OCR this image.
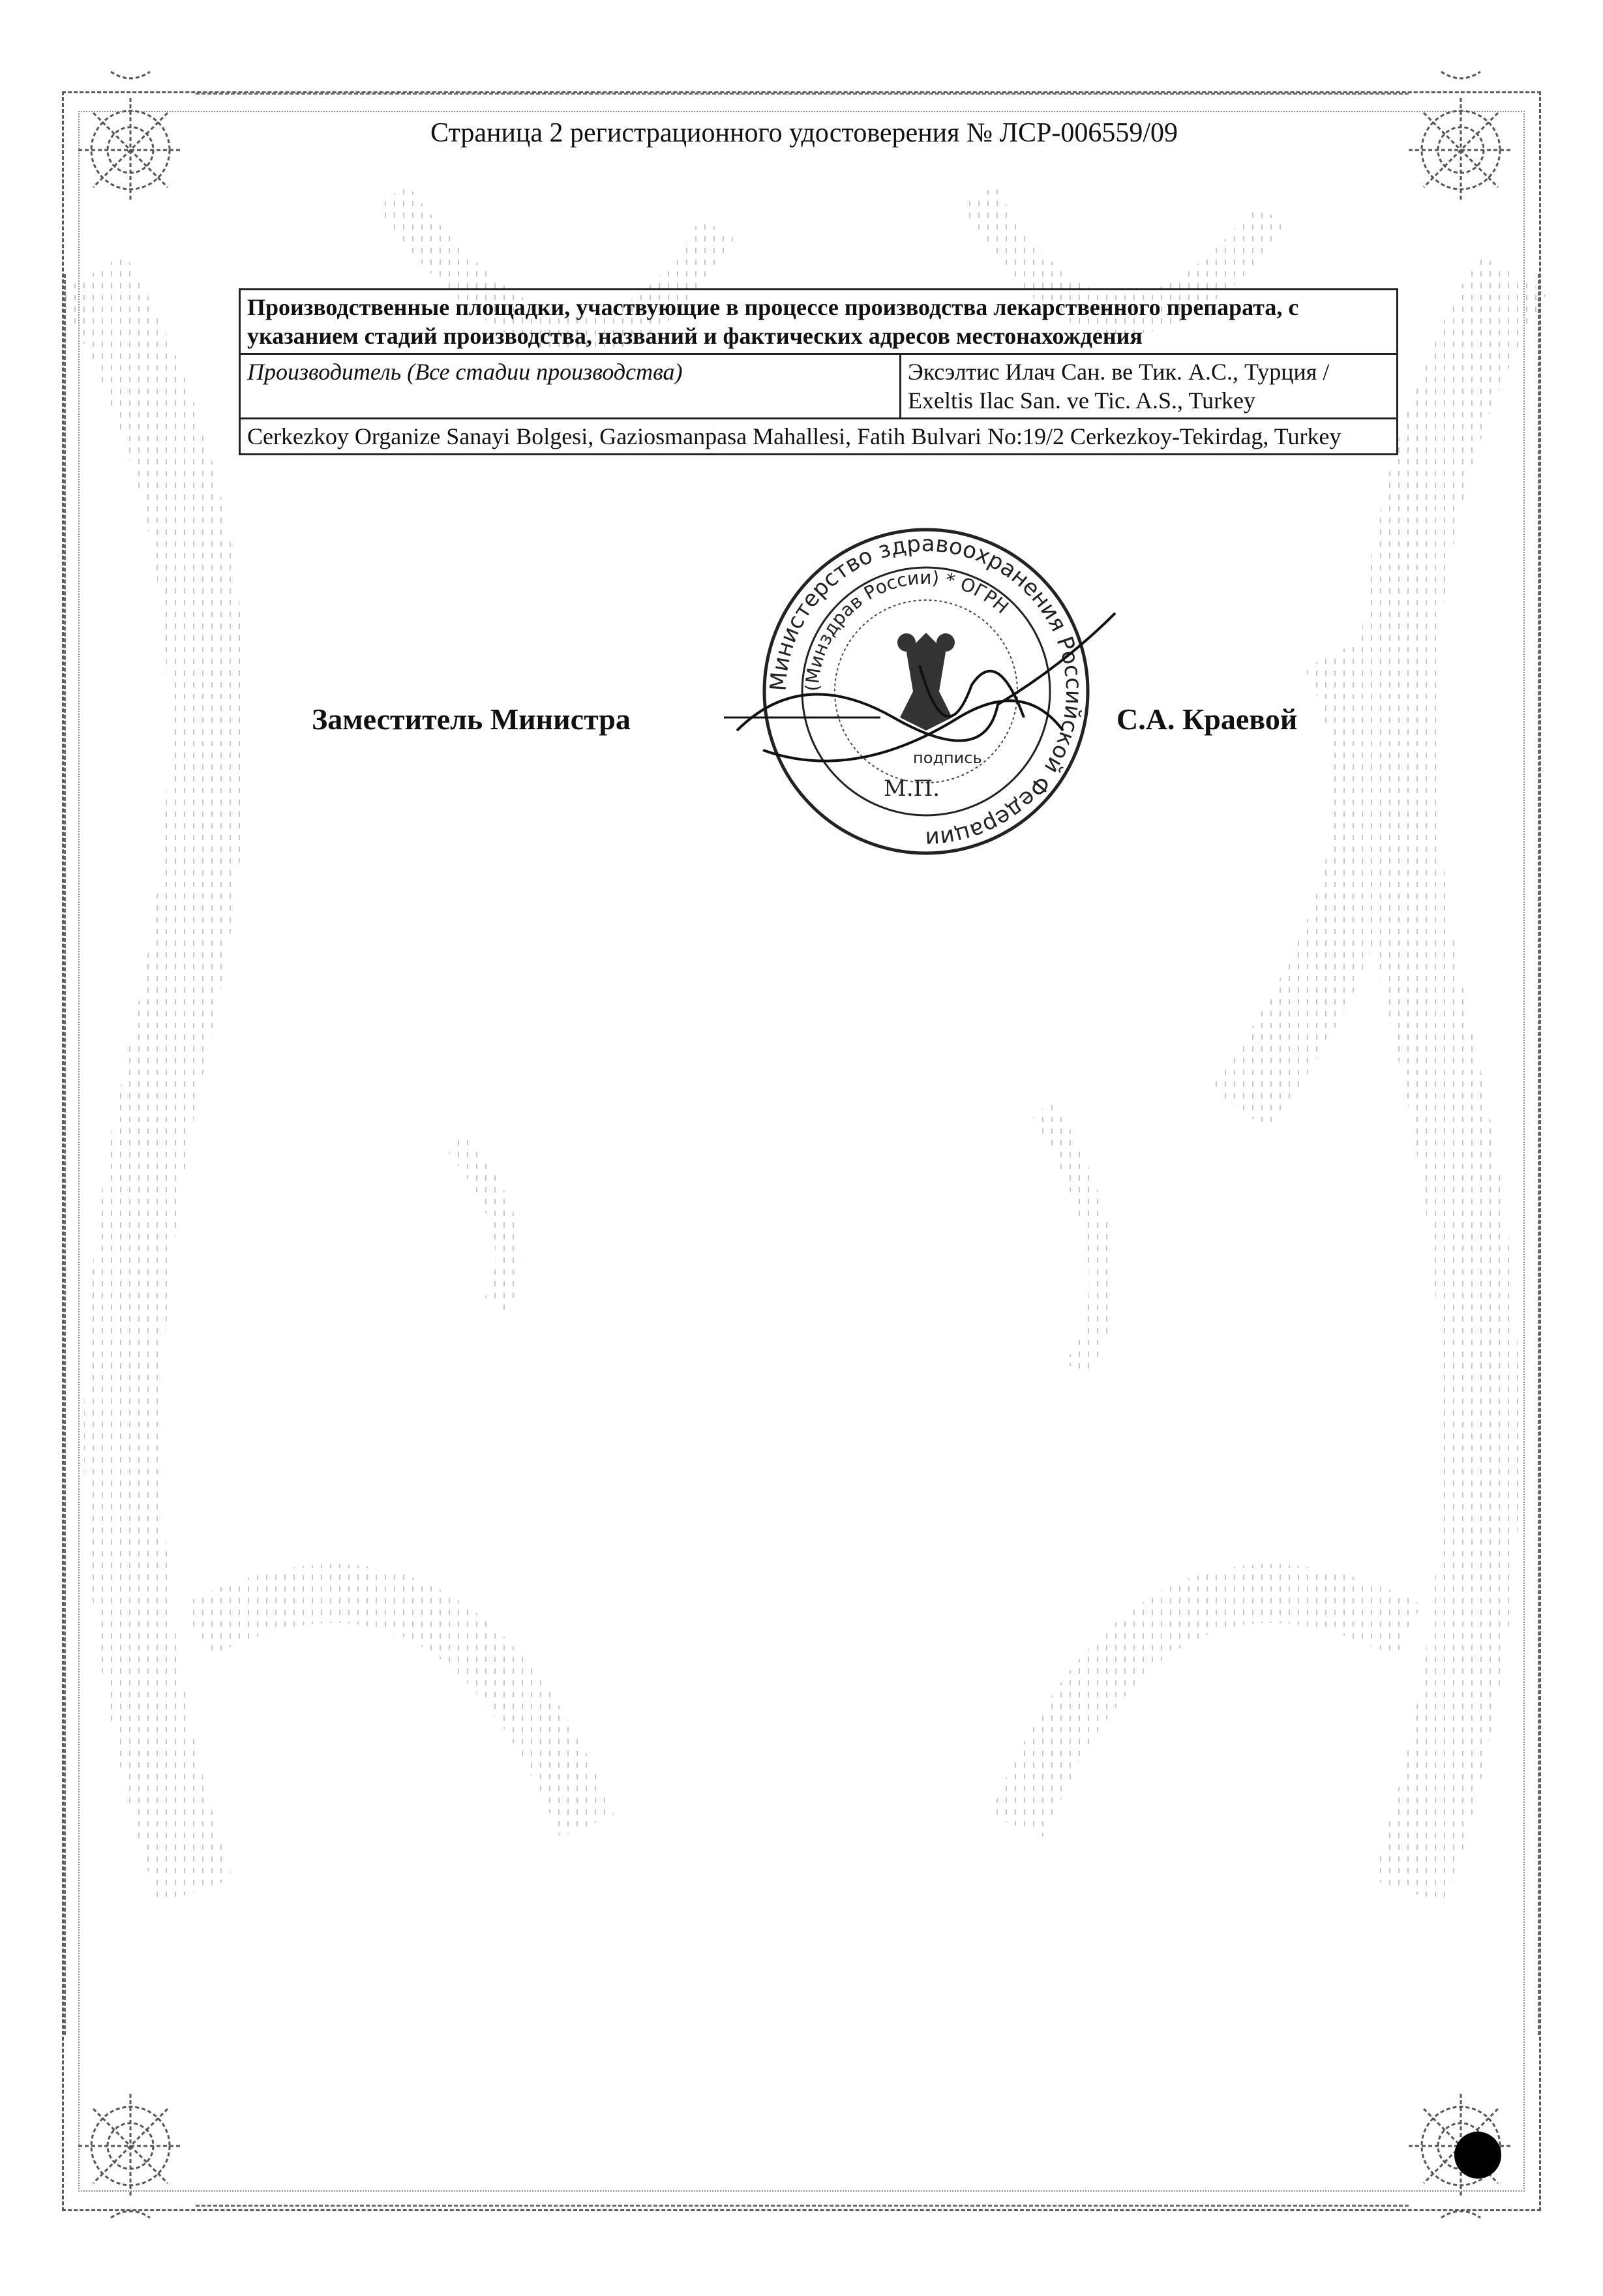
Страница 2 регистрационного удостоверения № ЛСР-006559/09
Производственные площадки, участвующие в процессе производства лекарственного препарата, с указанием стадий производства, названий и фактических адресов местонахождения
Производитель (Все стадии производства)	Эксэлтис Илач Сан. ве Тик. А.С., Турция /
Exeltis Ilac San. ve Tic. A.S., Turkey

Cerkezkoy Organize Sanayi Bolgesi, Gaziosmanpasa Mahallesi, Fatih Bulvari No:19/2 Cerkezkoy-Tekirdag, Turkey
Заместитель Министра
Министерство здравоохранения Российской Федерации
(Минздрав России) * ОГРН
подпись
М.П.
С.А. Краевой
